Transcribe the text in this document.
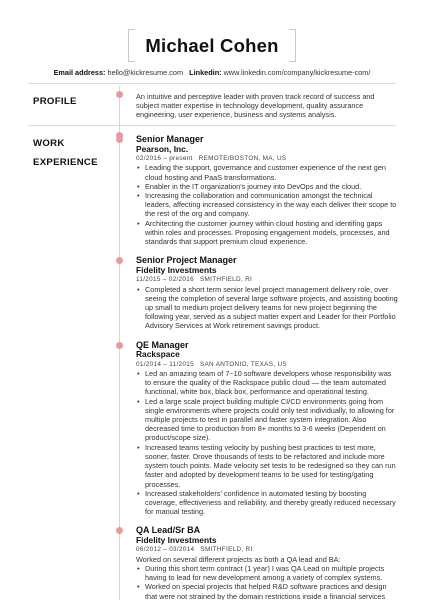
Michael Cohen
Email address: hello@kickresume.com Linkedin: www.linkedin.com/company/kickresume-com/
PROFILE	An intuitive and perceptive leader with proven track record of success and subject matter expertise in technology development, quality assurance engineering, user experience, business and systems analysis.
WORK
EXPERIENCE
Senior Manager
Pearson, Inc.
02/2016 – present REMOTE/BOSTON, MA, US
• Leading the support, governance and customer experience of the next gen cloud hosting and PaaS transformations.
• Enabler in the IT organization's journey into DevOps and the cloud.
• Increasing the collaboration and communication amongst the technical leaders, affecting increased consistency in the way each deliver their scope to the rest of the org and company.
• Architecting the customer journey within cloud hosting and identifing gaps within roles and processes. Proposing engagement models, processes, and standards that support premium cloud experience.
Senior Project Manager
Fidelity Investments
11/2015 – 02/2016 SMITHFIELD, RI
• Completed a short term senior level project management delivery role, over seeing the completion of several large software projects, and assisting booting up small to medium project delivery teams for new project beginning the following year, served as a subject matter expert and Leader for their Portfolio Advisory Services at Work retirement savings product.
QE Manager
Rackspace
01/2014 – 11/2015 SAN ANTONIO, TEXAS, US
• Led an amazing team of 7~10 software developers whose responsibility was to ensure the quality of the Rackspace public cloud — the team automated functional, white box, black box, performance and operational testing.
• Led a large scale project building multiple CI/CD environments going from single environments where projects could only test individually, to allowing for multiple projects to test in parallel and faster system integration. Also decreased time to production from 8+ months to 3-6 weeks (Dependent on product/scope size).
• Increased teams testing velocity by pushing best practices to test more, sooner, faster. Drove thousands of tests to be refactored and include more system touch points. Made velocity set tests to be redesigned so they can run faster and adopted by development teams to be used for testing/gating processes.
• Increased stakeholders' confidence in automated testing by boosting coverage, effectiveness and reliability, and thereby greatly reduced necessary for manual testing.
QA Lead/Sr BA
Fidelity Investments
06/2012 – 03/2014 SMITHFIELD, RI
Worked on several different projects as both a QA lead and BA:
• During this short term contract (1 year) I was QA Lead on multiple projects having to lead for new development among a variety of complex systems.
• Worked on special projects that helped R&D software practices and design that were not strained by the domain restrictions inside a financial services
